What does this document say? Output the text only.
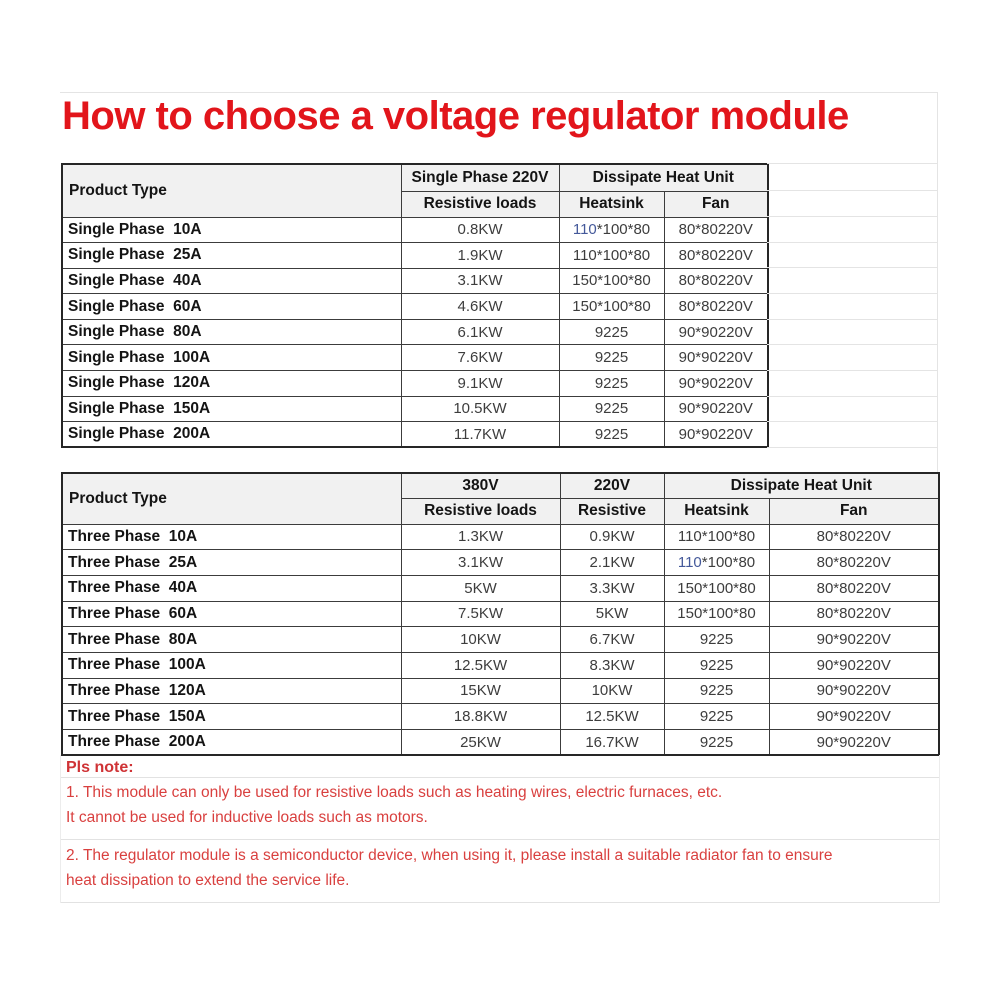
How to choose a voltage regulator module
Product Type	Single Phase 220V	Dissipate Heat Unit	
	Resistive loads	Heatsink	Fan
Single Phase  10A	0.8KW	110*100*80	80*80220V
Single Phase  25A	1.9KW	110*100*80	80*80220V
Single Phase  40A	3.1KW	150*100*80	80*80220V
Single Phase  60A	4.6KW	150*100*80	80*80220V
Single Phase  80A	6.1KW	9225	90*90220V
Single Phase  100A	7.6KW	9225	90*90220V
Single Phase  120A	9.1KW	9225	90*90220V
Single Phase  150A	10.5KW	9225	90*90220V
Single Phase  200A	11.7KW	9225	90*90220V
Product Type	380V	220V	Dissipate Heat Unit	
	Resistive loads	Resistive	Heatsink	Fan
Three Phase  10A	1.3KW	0.9KW	110*100*80	80*80220V
Three Phase  25A	3.1KW	2.1KW	110*100*80	80*80220V
Three Phase  40A	5KW	3.3KW	150*100*80	80*80220V
Three Phase  60A	7.5KW	5KW	150*100*80	80*80220V
Three Phase  80A	10KW	6.7KW	9225	90*90220V
Three Phase  100A	12.5KW	8.3KW	9225	90*90220V
Three Phase  120A	15KW	10KW	9225	90*90220V
Three Phase  150A	18.8KW	12.5KW	9225	90*90220V
Three Phase  200A	25KW	16.7KW	9225	90*90220V
Pls note:
1. This module can only be used for resistive loads such as heating wires, electric furnaces, etc.
It cannot be used for inductive loads such as motors.
2. The regulator module is a semiconductor device, when using it, please install a suitable radiator fan to ensure
heat dissipation to extend the service life.
